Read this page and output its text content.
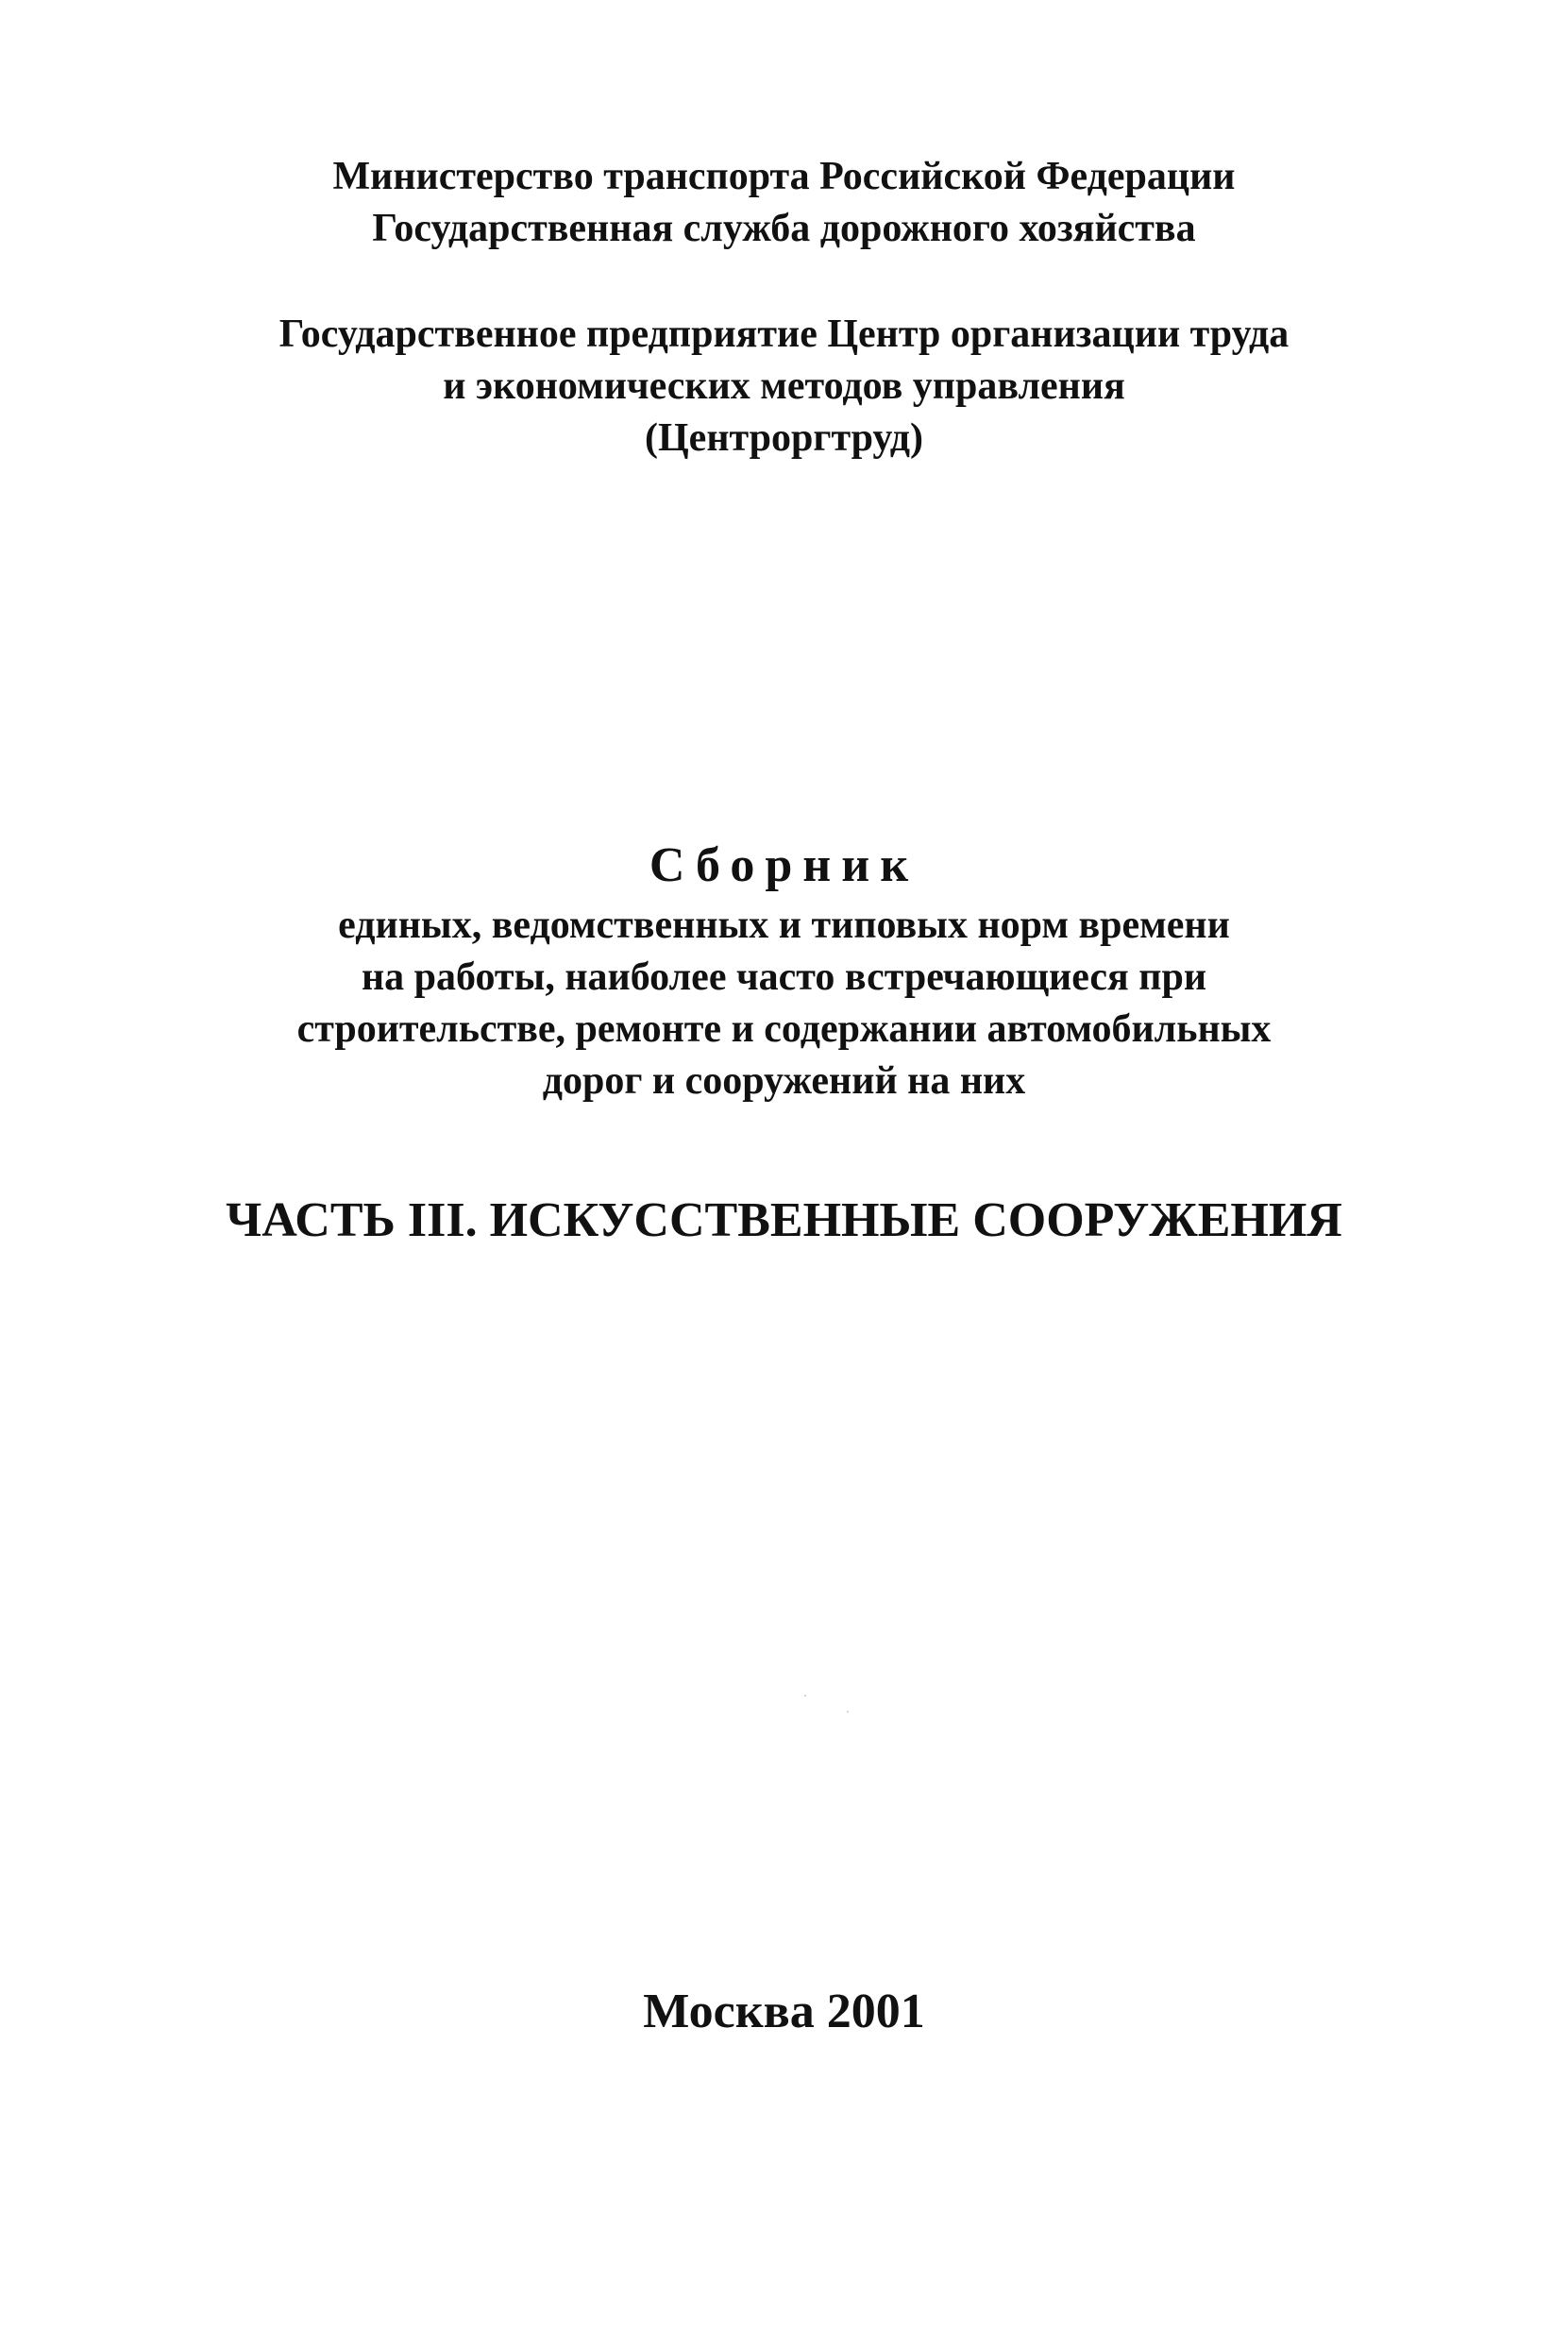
Министерство транспорта Российской Федерации
Государственная служба дорожного хозяйства
Государственное предприятие Центр организации труда
и экономических методов управления
(Центроргтруд)
Сборник
единых, ведомственных и типовых норм времени
на работы, наиболее часто встречающиеся при
строительстве, ремонте и содержании автомобильных
дорог и сооружений на них
ЧАСТЬ III. ИСКУССТВЕННЫЕ СООРУЖЕНИЯ
Москва 2001
